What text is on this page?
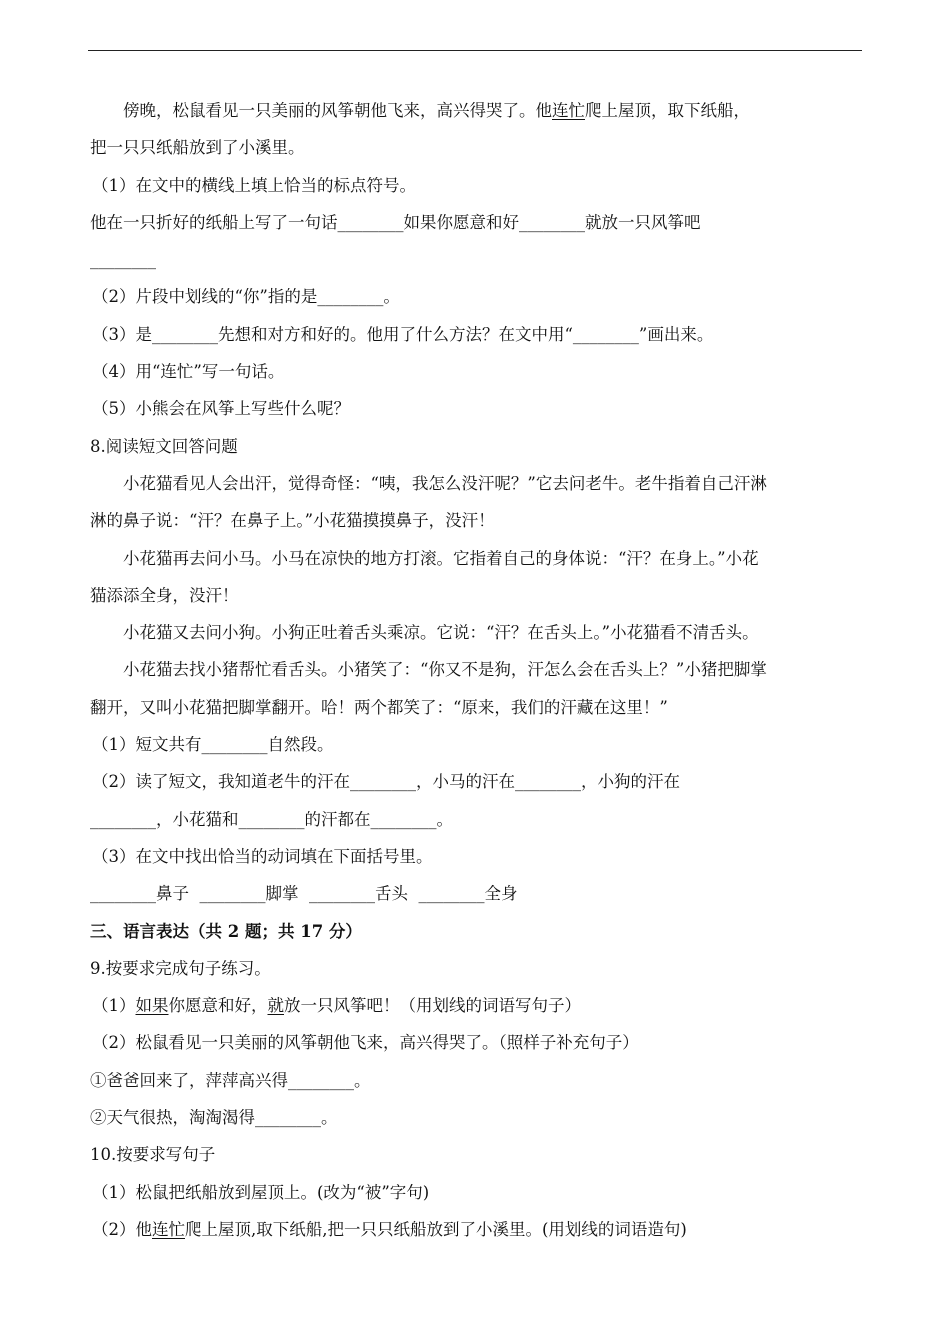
傍晚，松鼠看见一只美丽的风筝朝他飞来，高兴得哭了。他连忙爬上屋顶，取下纸船，
把一只只纸船放到了小溪里。
（1）在文中的横线上填上恰当的标点符号。
他在一只折好的纸船上写了一句话________如果你愿意和好________就放一只风筝吧
________
（2）片段中划线的“你”指的是________。
（3）是________先想和对方和好的。他用了什么方法？在文中用“________”画出来。
（4）用“连忙”写一句话。
（5）小熊会在风筝上写些什么呢？
8.阅读短文回答问题
小花猫看见人会出汗，觉得奇怪：“咦，我怎么没汗呢？”它去问老牛。老牛指着自己汗淋
淋的鼻子说：“汗？在鼻子上。”小花猫摸摸鼻子，没汗！
小花猫再去问小马。小马在凉快的地方打滚。它指着自己的身体说：“汗？在身上。”小花
猫添添全身，没汗！
小花猫又去问小狗。小狗正吐着舌头乘凉。它说：“汗？在舌头上。”小花猫看不清舌头。
小花猫去找小猪帮忙看舌头。小猪笑了：“你又不是狗，汗怎么会在舌头上？”小猪把脚掌
翻开，又叫小花猫把脚掌翻开。哈！两个都笑了：“原来，我们的汗藏在这里！”
（1）短文共有________自然段。
（2）读了短文，我知道老牛的汗在________，小马的汗在________，小狗的汗在
________，小花猫和________的汗都在________。
（3）在文中找出恰当的动词填在下面括号里。
________鼻子  ________脚掌  ________舌头  ________全身
三、语言表达（共 2 题；共 17 分）
9.按要求完成句子练习。
（1）如果你愿意和好，就放一只风筝吧！（用划线的词语写句子）
（2）松鼠看见一只美丽的风筝朝他飞来，高兴得哭了。（照样子补充句子）
①爸爸回来了，萍萍高兴得________。
②天气很热，淘淘渴得________。
10.按要求写句子
（1）松鼠把纸船放到屋顶上。(改为“被”字句)
（2）他连忙爬上屋顶,取下纸船,把一只只纸船放到了小溪里。(用划线的词语造句)
